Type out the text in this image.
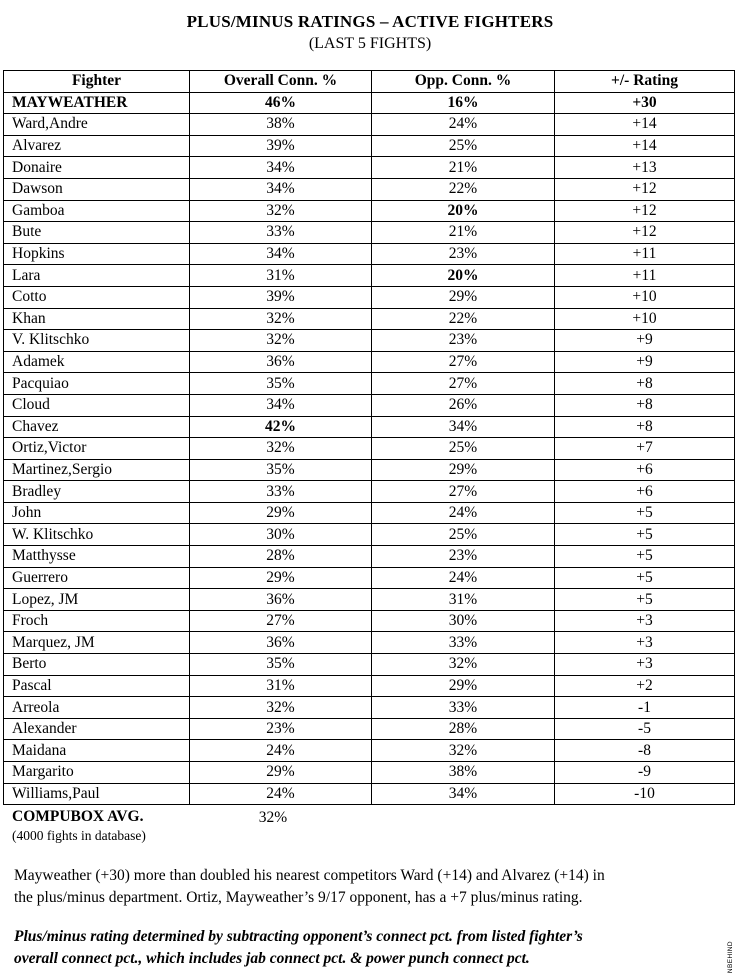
PLUS/MINUS RATINGS – ACTIVE FIGHTERS
(LAST 5 FIGHTS)
Fighter	Overall Conn. %	Opp. Conn. %	+/- Rating
MAYWEATHER	46%	16%	+30
Ward,Andre	38%	24%	+14
Alvarez	39%	25%	+14
Donaire	34%	21%	+13
Dawson	34%	22%	+12
Gamboa	32%	20%	+12
Bute	33%	21%	+12
Hopkins	34%	23%	+11
Lara	31%	20%	+11
Cotto	39%	29%	+10
Khan	32%	22%	+10
V. Klitschko	32%	23%	+9
Adamek	36%	27%	+9
Pacquiao	35%	27%	+8
Cloud	34%	26%	+8
Chavez	42%	34%	+8
Ortiz,Victor	32%	25%	+7
Martinez,Sergio	35%	29%	+6
Bradley	33%	27%	+6
John	29%	24%	+5
W. Klitschko	30%	25%	+5
Matthysse	28%	23%	+5
Guerrero	29%	24%	+5
Lopez, JM	36%	31%	+5
Froch	27%	30%	+3
Marquez, JM	36%	33%	+3
Berto	35%	32%	+3
Pascal	31%	29%	+2
Arreola	32%	33%	-1
Alexander	23%	28%	-5
Maidana	24%	32%	-8
Margarito	29%	38%	-9
Williams,Paul	24%	34%	-10
COMPUBOX AVG.	32%
(4000 fights in database)
Mayweather (+30) more than doubled his nearest competitors Ward (+14) and Alvarez (+14) in
the plus/minus department. Ortiz, Mayweather’s 9/17 opponent, has a +7 plus/minus rating.
Plus/minus rating determined by subtracting opponent’s connect pct. from listed fighter’s
overall connect pct., which includes jab connect pct. & power punch connect pct.	NBEHIND
